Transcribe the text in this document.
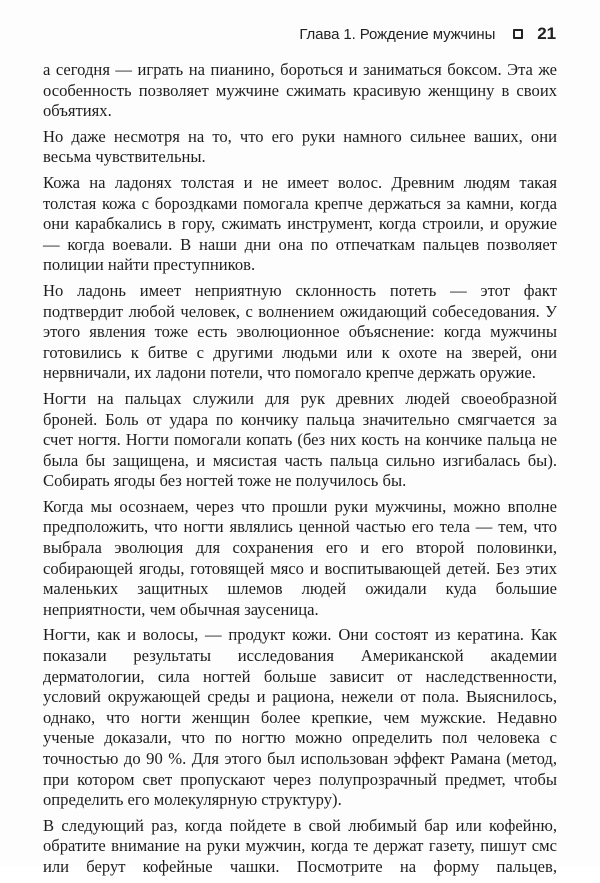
Глава 1. Рождение мужчины 21

а сегодня — играть на пианино, бороться и заниматься боксом. Эта же особенность позволяет мужчине сжимать красивую женщину в своих объятиях.

Но даже несмотря на то, что его руки намного сильнее ваших, они весьма чувствительны.

Кожа на ладонях толстая и не имеет волос. Древним людям такая толстая кожа с бороздками помогала крепче держаться за камни, когда они карабкались в гору, сжимать инструмент, когда строили, и оружие — когда воевали. В наши дни она по отпечаткам пальцев позволяет полиции найти преступников.

Но ладонь имеет неприятную склонность потеть — этот факт подтвердит любой человек, с волнением ожидающий собеседования. У этого явления тоже есть эволюционное объяснение: когда мужчины готовились к битве с другими людьми или к охоте на зверей, они нервничали, их ладони потели, что помогало крепче держать оружие.

Ногти на пальцах служили для рук древних людей своеобразной броней. Боль от удара по кончику пальца значительно смягчается за счет ногтя. Ногти помогали копать (без них кость на кончике пальца не была бы защищена, и мясистая часть пальца сильно изгибалась бы). Собирать ягоды без ногтей тоже не получилось бы.

Когда мы осознаем, через что прошли руки мужчины, можно вполне предположить, что ногти являлись ценной частью его тела — тем, что выбрала эволюция для сохранения его и его второй половинки, собирающей ягоды, готовящей мясо и воспитывающей детей. Без этих маленьких защитных шлемов людей ожидали куда большие неприятности, чем обычная заусеница.

Ногти, как и волосы, — продукт кожи. Они состоят из кератина. Как показали результаты исследования Американской академии дерматологии, сила ногтей больше зависит от наследственности, условий окружающей среды и рациона, нежели от пола. Выяснилось, однако, что ногти женщин более крепкие, чем мужские. Недавно ученые доказали, что по ногтю можно определить пол человека с точностью до 90 %. Для этого был использован эффект Рамана (метод, при котором свет пропускают через полупрозрачный предмет, чтобы определить его молекулярную структуру).

В следующий раз, когда пойдете в свой любимый бар или кофейню, обратите внимание на руки мужчин, когда те держат газету, пишут смс или берут кофейные чашки. Посмотрите на форму пальцев,
